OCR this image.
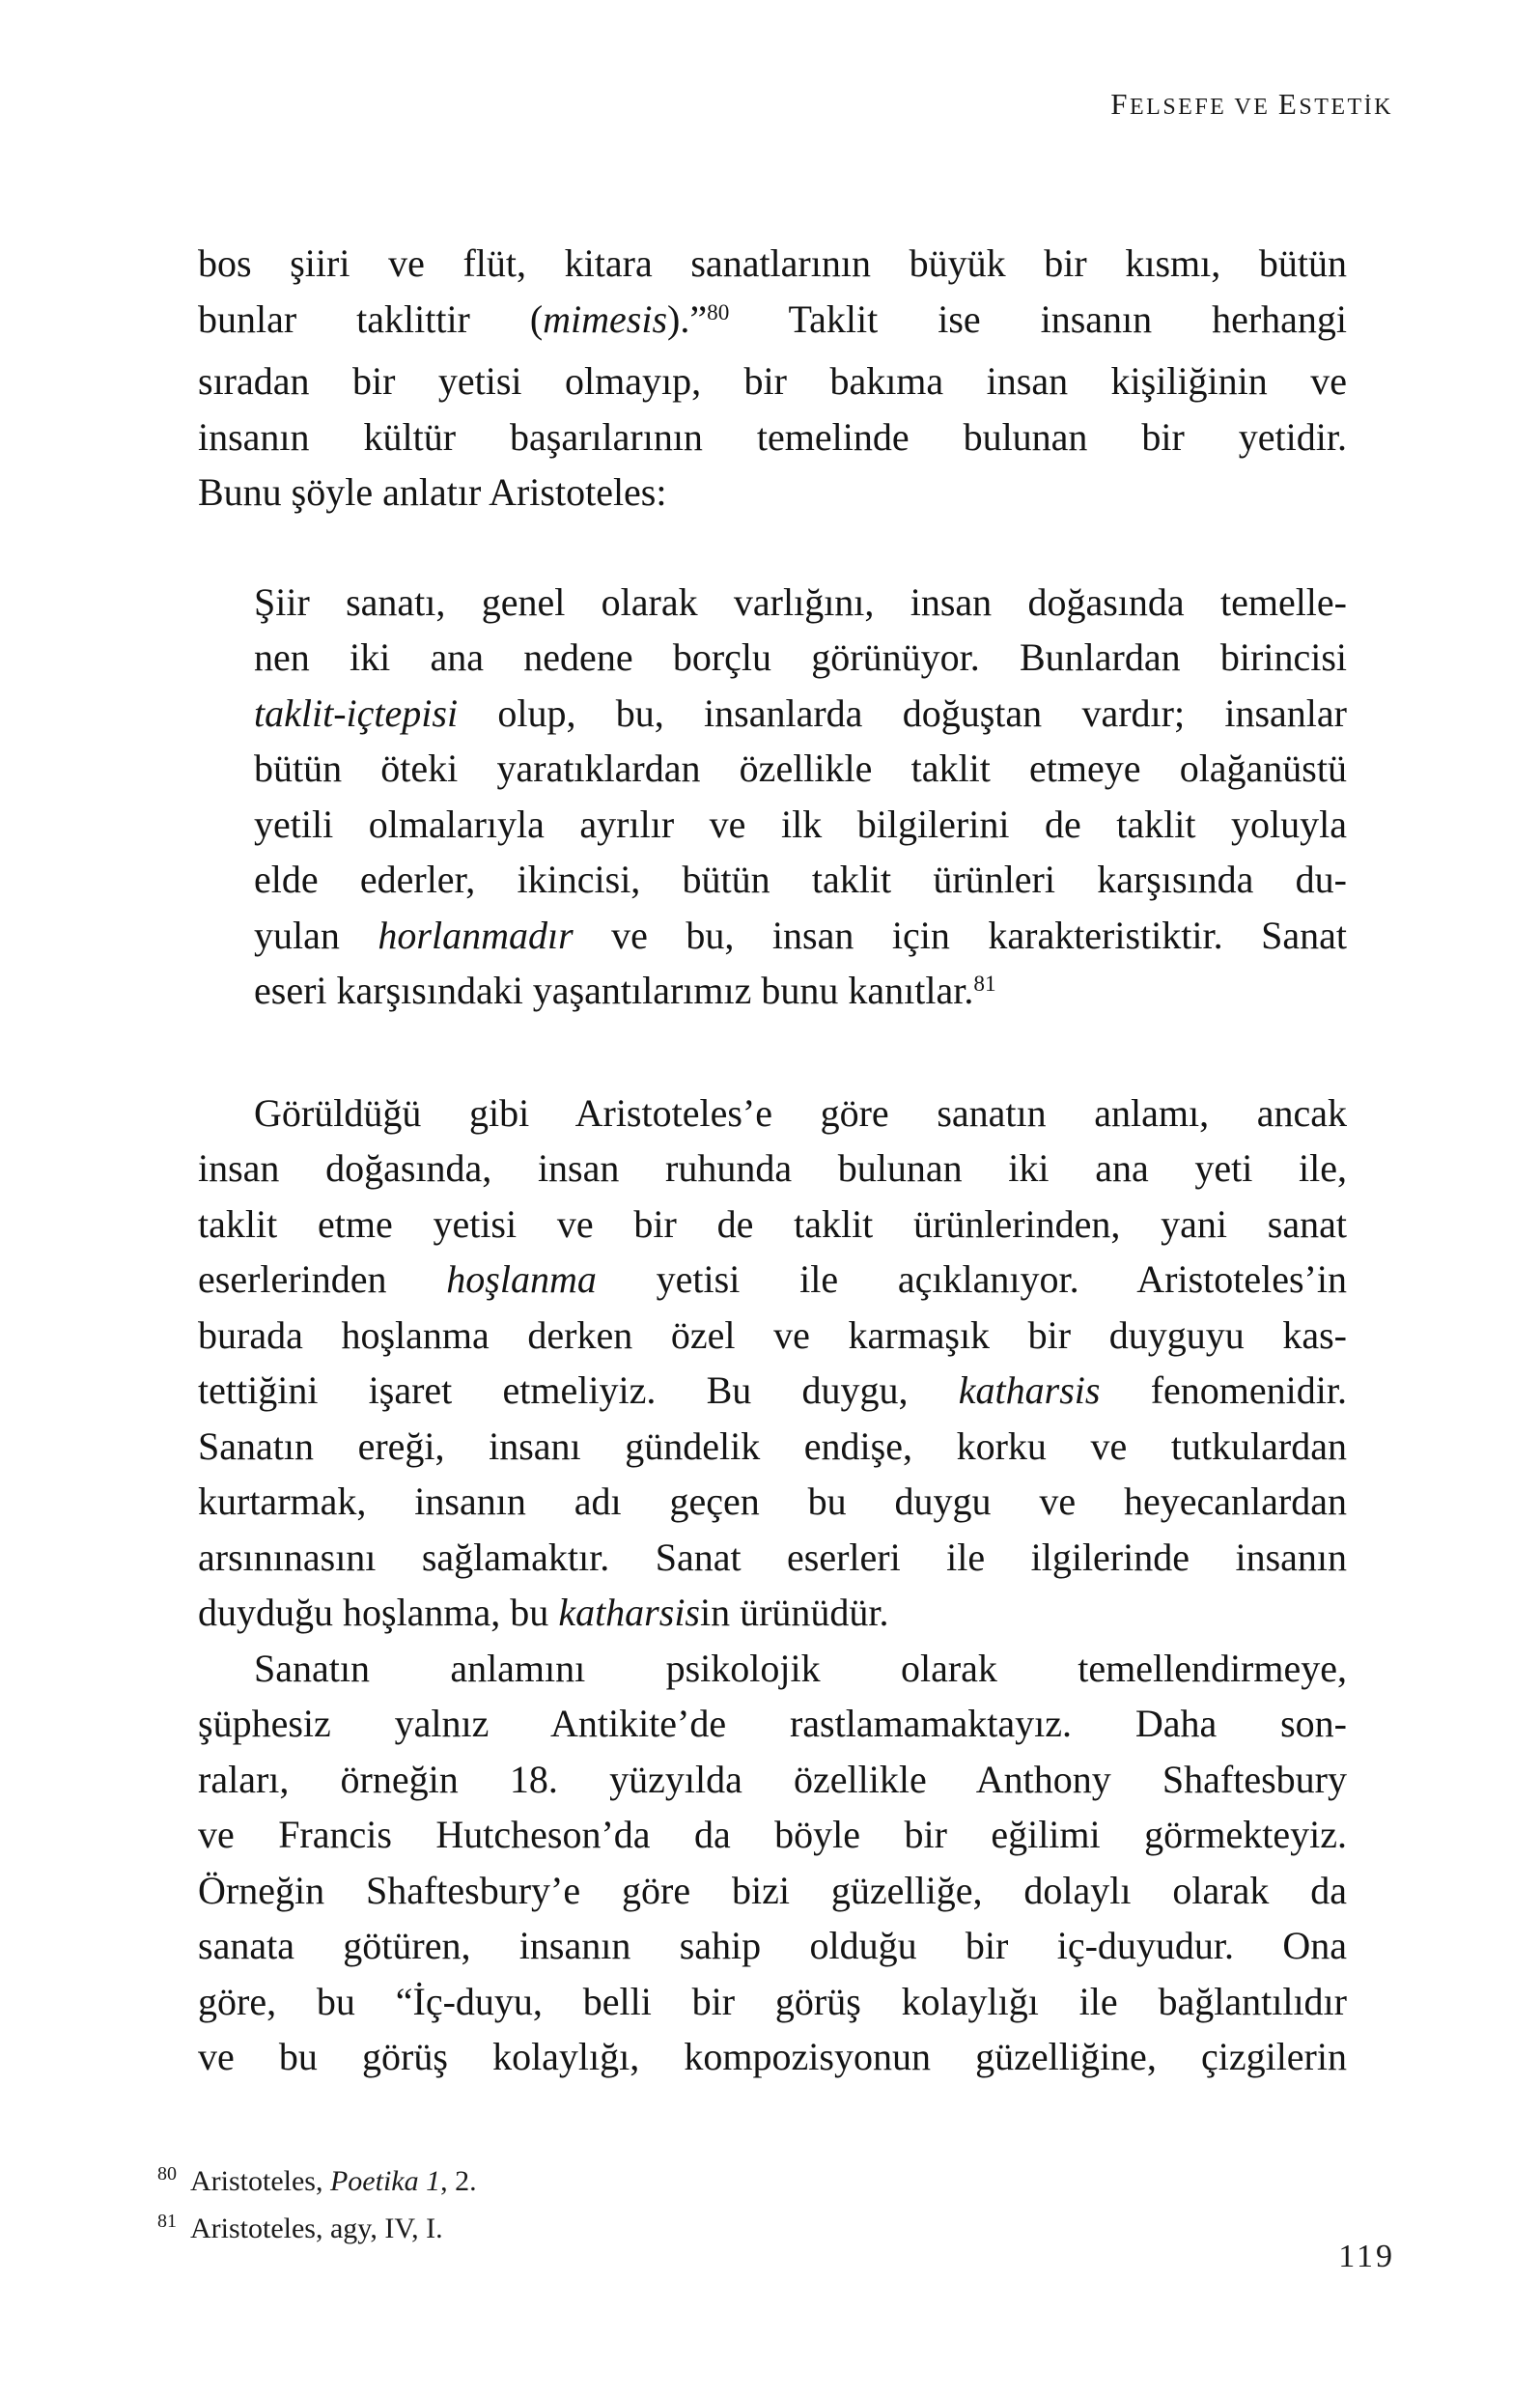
FELSEFE VE ESTETİK
bos şiiri ve flüt, kitara sanatlarının büyük bir kısmı, bütün
bunlar taklittir (mimesis).”$^{80}$ Taklit ise insanın herhangi
sıradan bir yetisi olmayıp, bir bakıma insan kişiliğinin ve
insanın kültür başarılarının temelinde bulunan bir yetidir.
Bunu şöyle anlatır Aristoteles:
Şiir sanatı, genel olarak varlığını, insan doğasında temelle-
nen iki ana nedene borçlu görünüyor. Bunlardan birincisi
taklit-içtepisi olup, bu, insanlarda doğuştan vardır; insanlar
bütün öteki yaratıklardan özellikle taklit etmeye olağanüstü
yetili olmalarıyla ayrılır ve ilk bilgilerini de taklit yoluyla
elde ederler, ikincisi, bütün taklit ürünleri karşısında du-
yulan horlanmadır ve bu, insan için karakteristiktir. Sanat
eseri karşısındaki yaşantılarımız bunu kanıtlar.$^{81}$
Görüldüğü gibi Aristoteles’e göre sanatın anlamı, ancak
insan doğasında, insan ruhunda bulunan iki ana yeti ile,
taklit etme yetisi ve bir de taklit ürünlerinden, yani sanat
eserlerinden hoşlanma yetisi ile açıklanıyor. Aristoteles’in
burada hoşlanma derken özel ve karmaşık bir duyguyu kas-
tettiğini işaret etmeliyiz. Bu duygu, katharsis fenomenidir.
Sanatın ereği, insanı gündelik endişe, korku ve tutkulardan
kurtarmak, insanın adı geçen bu duygu ve heyecanlardan
arsınınasını sağlamaktır. Sanat eserleri ile ilgilerinde insanın
duyduğu hoşlanma, bu katharsisin ürünüdür.
Sanatın anlamını psikolojik olarak temellendirmeye,
şüphesiz yalnız Antikite’de rastlamamaktayız. Daha son-
raları, örneğin 18. yüzyılda özellikle Anthony Shaftesbury
ve Francis Hutcheson’da da böyle bir eğilimi görmekteyiz.
Örneğin Shaftesbury’e göre bizi güzelliğe, dolaylı olarak da
sanata götüren, insanın sahip olduğu bir iç-duyudur. Ona
göre, bu “İç-duyu, belli bir görüş kolaylığı ile bağlantılıdır
ve bu görüş kolaylığı, kompozisyonun güzelliğine, çizgilerin
$^{80}$ Aristoteles, Poetika 1, 2.
$^{81}$ Aristoteles, agy, IV, I.
119
